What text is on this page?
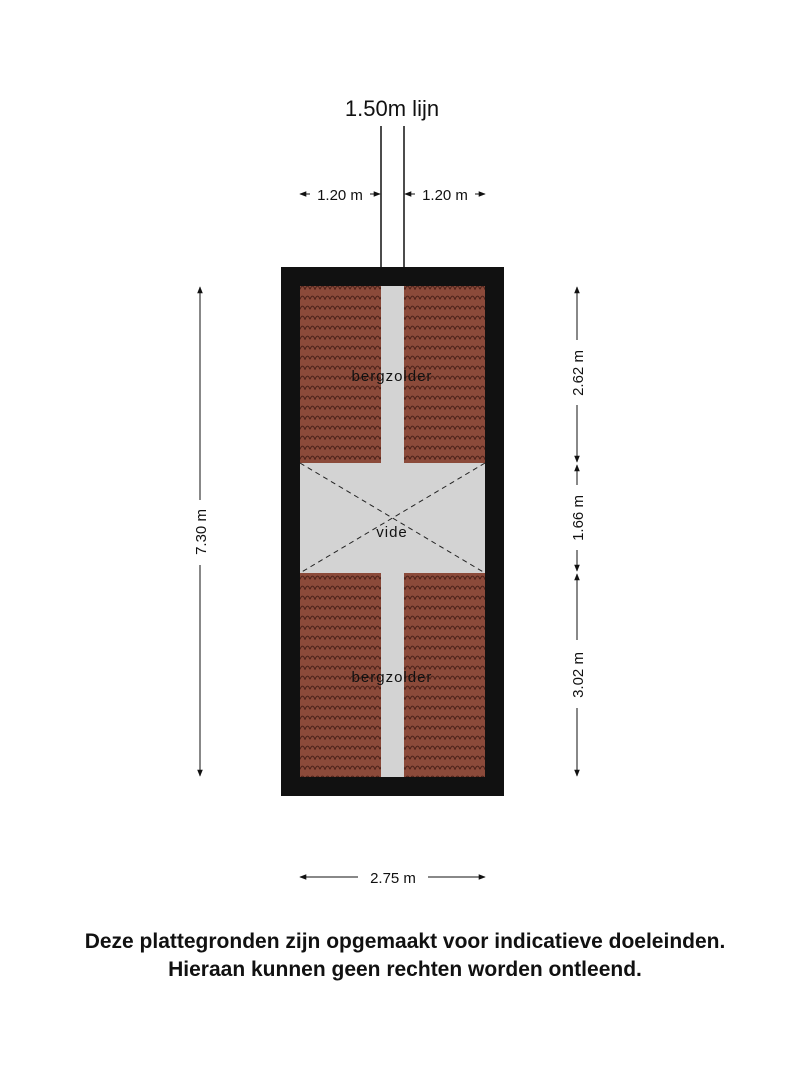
1.50m lijn
1.20 m	1.20 m
bergzolder
vide
bergzolder
7.30 m
2.62 m
1.66 m
3.02 m
2.75 m
Deze plattegronden zijn opgemaakt voor indicatieve doeleinden.
Hieraan kunnen geen rechten worden ontleend.
